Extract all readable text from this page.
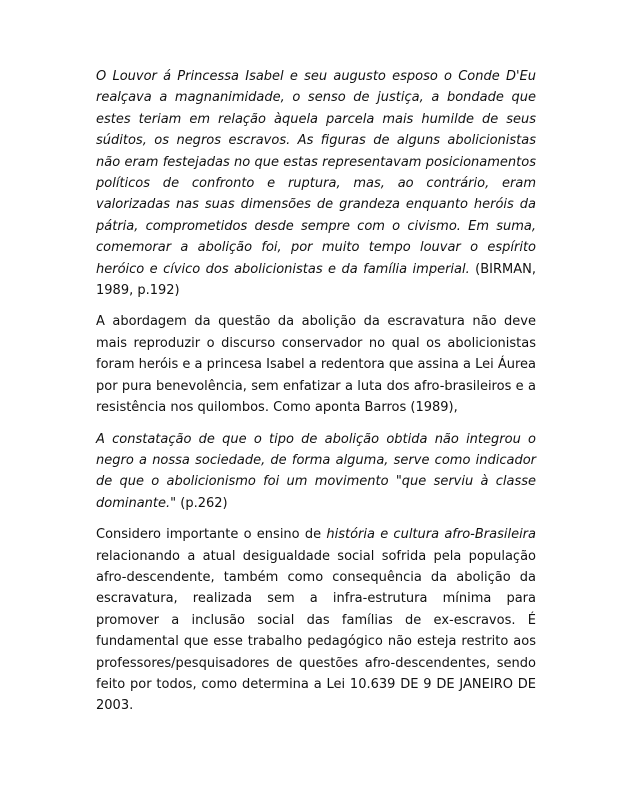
O Louvor á Princessa Isabel e seu augusto esposo o Conde D'Eu realçava a magnanimidade, o senso de justiça, a bondade que estes teriam em relação àquela parcela mais humilde de seus súditos, os negros escravos. As figuras de alguns abolicionistas não eram festejadas no que estas representavam posicionamentos políticos de confronto e ruptura, mas, ao contrário, eram valorizadas nas suas dimensões de grandeza enquanto heróis da pátria, comprometidos desde sempre com o civismo. Em suma, comemorar a abolição foi, por muito tempo louvar o espírito heróico e cívico dos abolicionistas e da família imperial. (BIRMAN, 1989, p.192)

A abordagem da questão da abolição da escravatura não deve mais reproduzir o discurso conservador no qual os abolicionistas foram heróis e a princesa Isabel a redentora que assina a Lei Áurea por pura benevolência, sem enfatizar a luta dos afro-brasileiros e a resistência nos quilombos. Como aponta Barros (1989),

A constatação de que o tipo de abolição obtida não integrou o negro a nossa sociedade, de forma alguma, serve como indicador de que o abolicionismo foi um movimento "que serviu à classe dominante." (p.262)

Considero importante o ensino de história e cultura afro-Brasileira relacionando a atual desigualdade social sofrida pela população afro-descendente, também como consequência da abolição da escravatura, realizada sem a infra-estrutura mínima para promover a inclusão social das famílias de ex-escravos. É fundamental que esse trabalho pedagógico não esteja restrito aos professores/pesquisadores de questões afro-descendentes, sendo feito por todos, como determina a Lei 10.639 DE 9 DE JANEIRO DE 2003.
